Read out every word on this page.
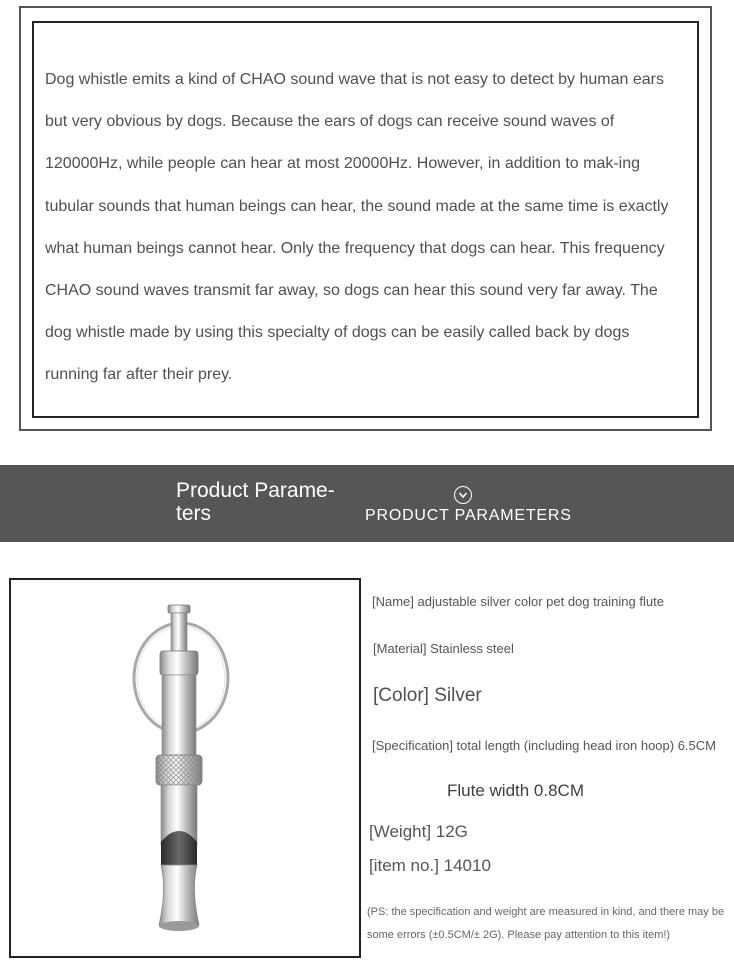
Dog whistle emits a kind of CHAO sound wave that is not easy to detect by human ears but very obvious by dogs. Because the ears of dogs can receive sound waves of 120000Hz, while people can hear at most 20000Hz. However, in addition to mak-ing tubular sounds that human beings can hear, the sound made at the same time is exactly what human beings cannot hear. Only the frequency that dogs can hear. This frequency CHAO sound waves transmit far away, so dogs can hear this sound very far away. The dog whistle made by using this specialty of dogs can be easily called back by dogs running far after their prey.

Product Parame-ters	PRODUCT PARAMETERS
[Name] adjustable silver color pet dog training flute
[Material] Stainless steel
[Color] Silver
[Specification] total length (including head iron hoop) 6.5CM
Flute width 0.8CM
[Weight] 12G
[item no.] 14010
(PS: the specification and weight are measured in kind, and there may be some errors (±0.5CM/± 2G). Please pay attention to this item!)
